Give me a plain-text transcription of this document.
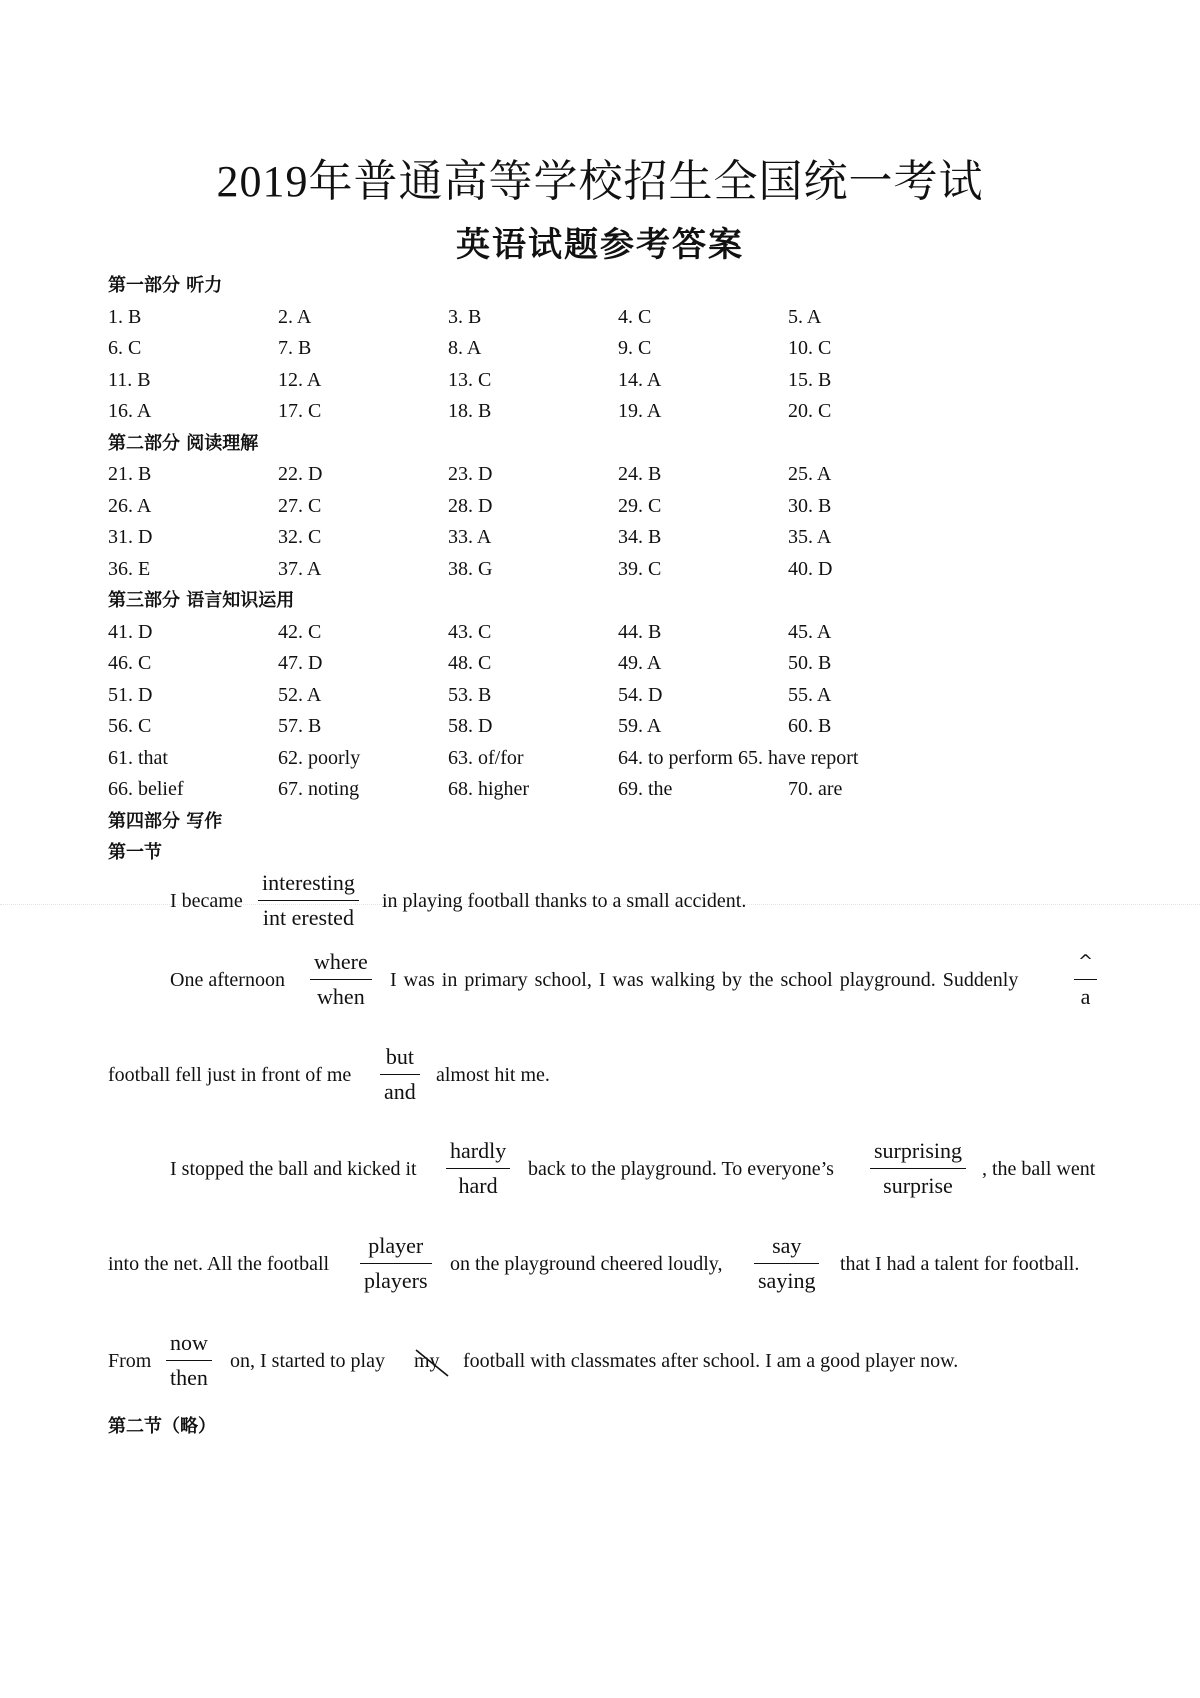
2019年普通高等学校招生全国统一考试
英语试题参考答案
第一部分 听力
1. B	2. A	3. B	4. C	5. A
6. C	7. B	8. A	9. C	10. C
11. B	12. A	13. C	14. A	15. B
16. A	17. C	18. B	19. A	20. C
第二部分 阅读理解
21. B	22. D	23. D	24. B	25. A
26. A	27. C	28. D	29. C	30. B
31. D	32. C	33. A	34. B	35. A
36. E	37. A	38. G	39. C	40. D
第三部分 语言知识运用
41. D	42. C	43. C	44. B	45. A
46. C	47. D	48. C	49. A	50. B
51. D	52. A	53. B	54. D	55. A
56. C	57. B	58. D	59. A	60. B
61. that	62. poorly	63. of/for	64. to perform 65. have report
66. belief	67. noting	68. higher	69. the	70. are
第四部分 写作
第一节
I became
interesting
int erested
in playing football thanks to a small accident.
One afternoon
where
when
I was in primary school, I was walking by the school playground. Suddenly
^
a
football fell just in front of me
but
and
almost hit me.
I stopped the ball and kicked it
hardly
hard
back to the playground. To everyone’s
surprising
surprise
, the ball went
into the net. All the football
player
players
on the playground cheered loudly,
say
saying
that I had a talent for football.
From
now
then
on, I started to play my football with classmates after school. I am a good player now.
第二节（略）
